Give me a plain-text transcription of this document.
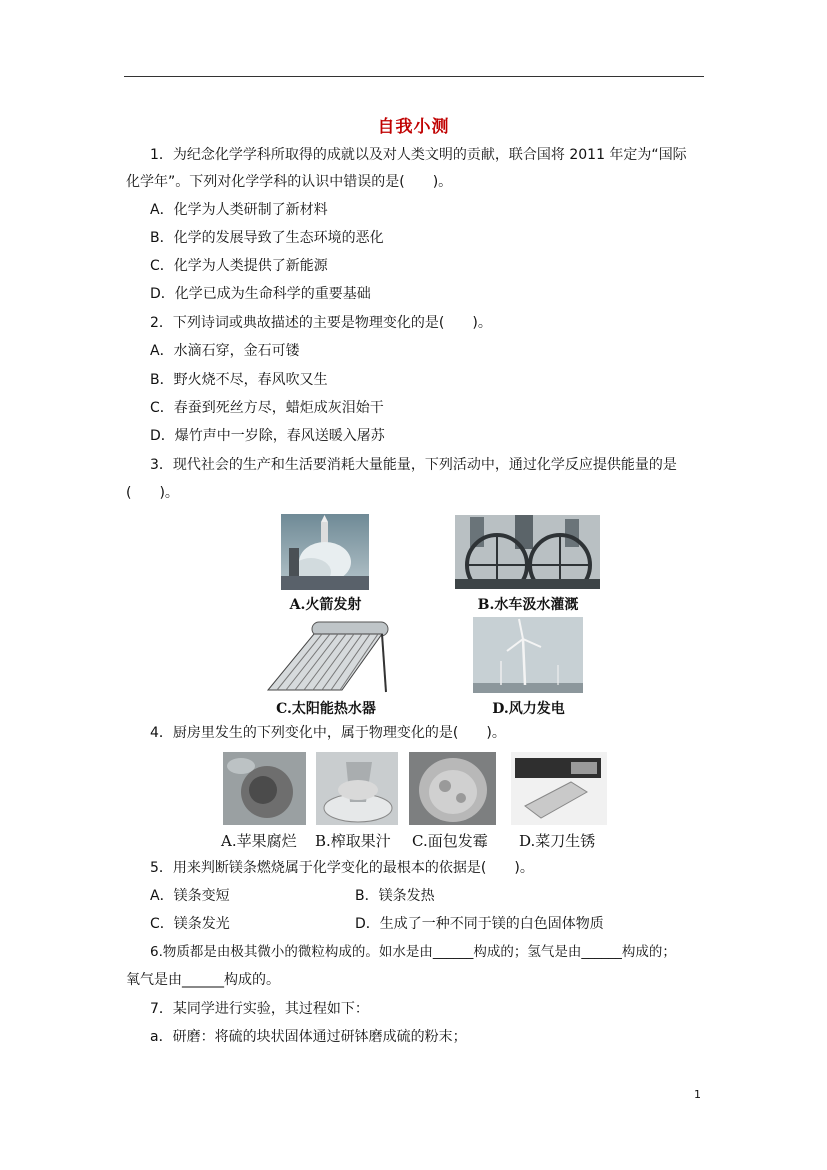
自我小测
1．为纪念化学学科所取得的成就以及对人类文明的贡献，联合国将 2011 年定为“国际
化学年”。下列对化学学科的认识中错误的是(　　)。
A．化学为人类研制了新材料
B．化学的发展导致了生态环境的恶化
C．化学为人类提供了新能源
D．化学已成为生命科学的重要基础
2．下列诗词或典故描述的主要是物理变化的是(　　)。
A．水滴石穿，金石可镂
B．野火烧不尽，春风吹又生
C．春蚕到死丝方尽，蜡炬成灰泪始干
D．爆竹声中一岁除，春风送暖入屠苏
3．现代社会的生产和生活要消耗大量能量，下列活动中，通过化学反应提供能量的是
(　　)。
A.火箭发射	B.水车汲水灌溉
C.太阳能热水器	D.风力发电
4．厨房里发生的下列变化中，属于物理变化的是(　　)。
A.苹果腐烂 B.榨取果汁 C.面包发霉 D.菜刀生锈
5．用来判断镁条燃烧属于化学变化的最根本的依据是(　　)。
A．镁条变短	B．镁条发热
C．镁条发光	D．生成了一种不同于镁的白色固体物质
6.物质都是由极其微小的微粒构成的。如水是由______构成的；氢气是由______构成的；
氧气是由______构成的。
7．某同学进行实验，其过程如下：
a．研磨：将硫的块状固体通过研钵磨成硫的粉末；
1
